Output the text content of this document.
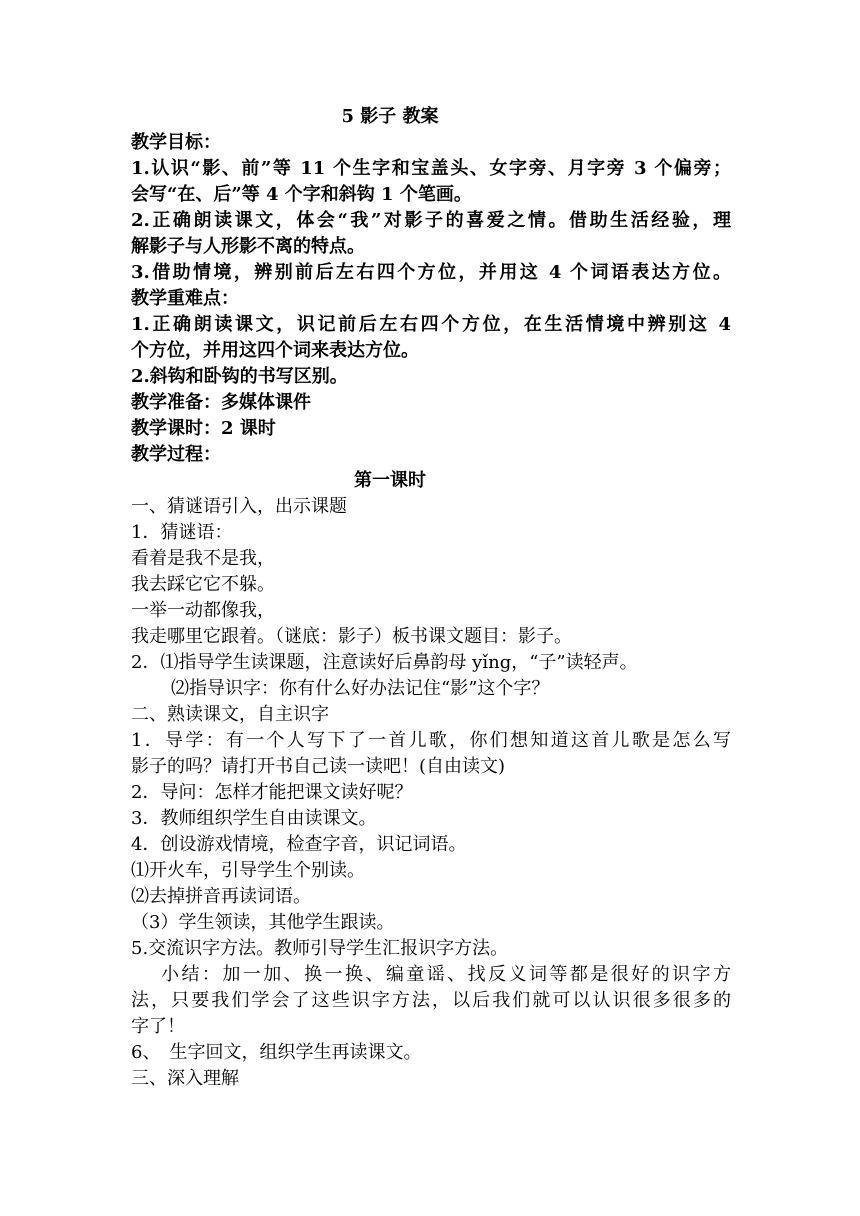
5 影子 教案
教学目标：
1.认识“影、前”等 11 个生字和宝盖头、女字旁、月字旁 3 个偏旁；
会写“在、后”等 4 个字和斜钩 1 个笔画。
2.正确朗读课文，体会“我”对影子的喜爱之情。借助生活经验，理
解影子与人形影不离的特点。
3.借助情境，辨别前后左右四个方位，并用这 4 个词语表达方位。
教学重难点：
1.正确朗读课文，识记前后左右四个方位，在生活情境中辨别这 4
个方位，并用这四个词来表达方位。
2.斜钩和卧钩的书写区别。
教学准备：多媒体课件
教学课时：2 课时
教学过程：
第一课时
一、猜谜语引入，出示课题
1．猜谜语：
看着是我不是我，
我去踩它它不躲。
一举一动都像我，
我走哪里它跟着。（谜底：影子）板书课文题目：影子。
2．⑴指导学生读课题，注意读好后鼻韵母 yǐng，“子”读轻声。
⑵指导识字：你有什么好办法记住“影”这个字？
二、熟读课文，自主识字
1．导学：有一个人写下了一首儿歌，你们想知道这首儿歌是怎么写
影子的吗？请打开书自己读一读吧！(自由读文)
2．导问：怎样才能把课文读好呢？
3．教师组织学生自由读课文。
4．创设游戏情境，检查字音，识记词语。
⑴开火车，引导学生个别读。
⑵去掉拼音再读词语。
（3）学生领读，其他学生跟读。
5.交流识字方法。教师引导学生汇报识字方法。
小结：加一加、换一换、编童谣、找反义词等都是很好的识字方
法，只要我们学会了这些识字方法，以后我们就可以认识很多很多的
字了！
6、　生字回文，组织学生再读课文。
三、深入理解
